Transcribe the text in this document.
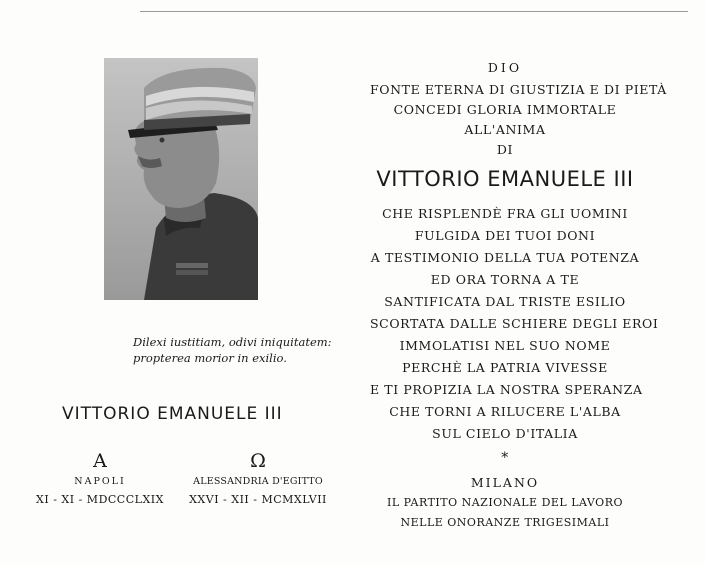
Dilexi iustitiam, odivi iniquitatem:
propterea morior in exilio.
VITTORIO EMANUELE III
A
NAPOLI
XI - XI - MDCCCLXIX
Ω
ALESSANDRIA D'EGITTO
XXVI - XII - MCMXLVII
DIO
FONTE ETERNA DI GIUSTIZIA E DI PIETÀ
CONCEDI GLORIA IMMORTALE
ALL'ANIMA
DI
VITTORIO EMANUELE III
CHE RISPLENDÈ FRA GLI UOMINI
FULGIDA DEI TUOI DONI
A TESTIMONIO DELLA TUA POTENZA
ED ORA TORNA A TE
SANTIFICATA DAL TRISTE ESILIO
SCORTATA DALLE SCHIERE DEGLI EROI
IMMOLATISI NEL SUO NOME
PERCHÈ LA PATRIA VIVESSE
E TI PROPIZIA LA NOSTRA SPERANZA
CHE TORNI A RILUCERE L'ALBA
SUL CIELO D'ITALIA
*
MILANO
IL PARTITO NAZIONALE DEL LAVORO
NELLE ONORANZE TRIGESIMALI
